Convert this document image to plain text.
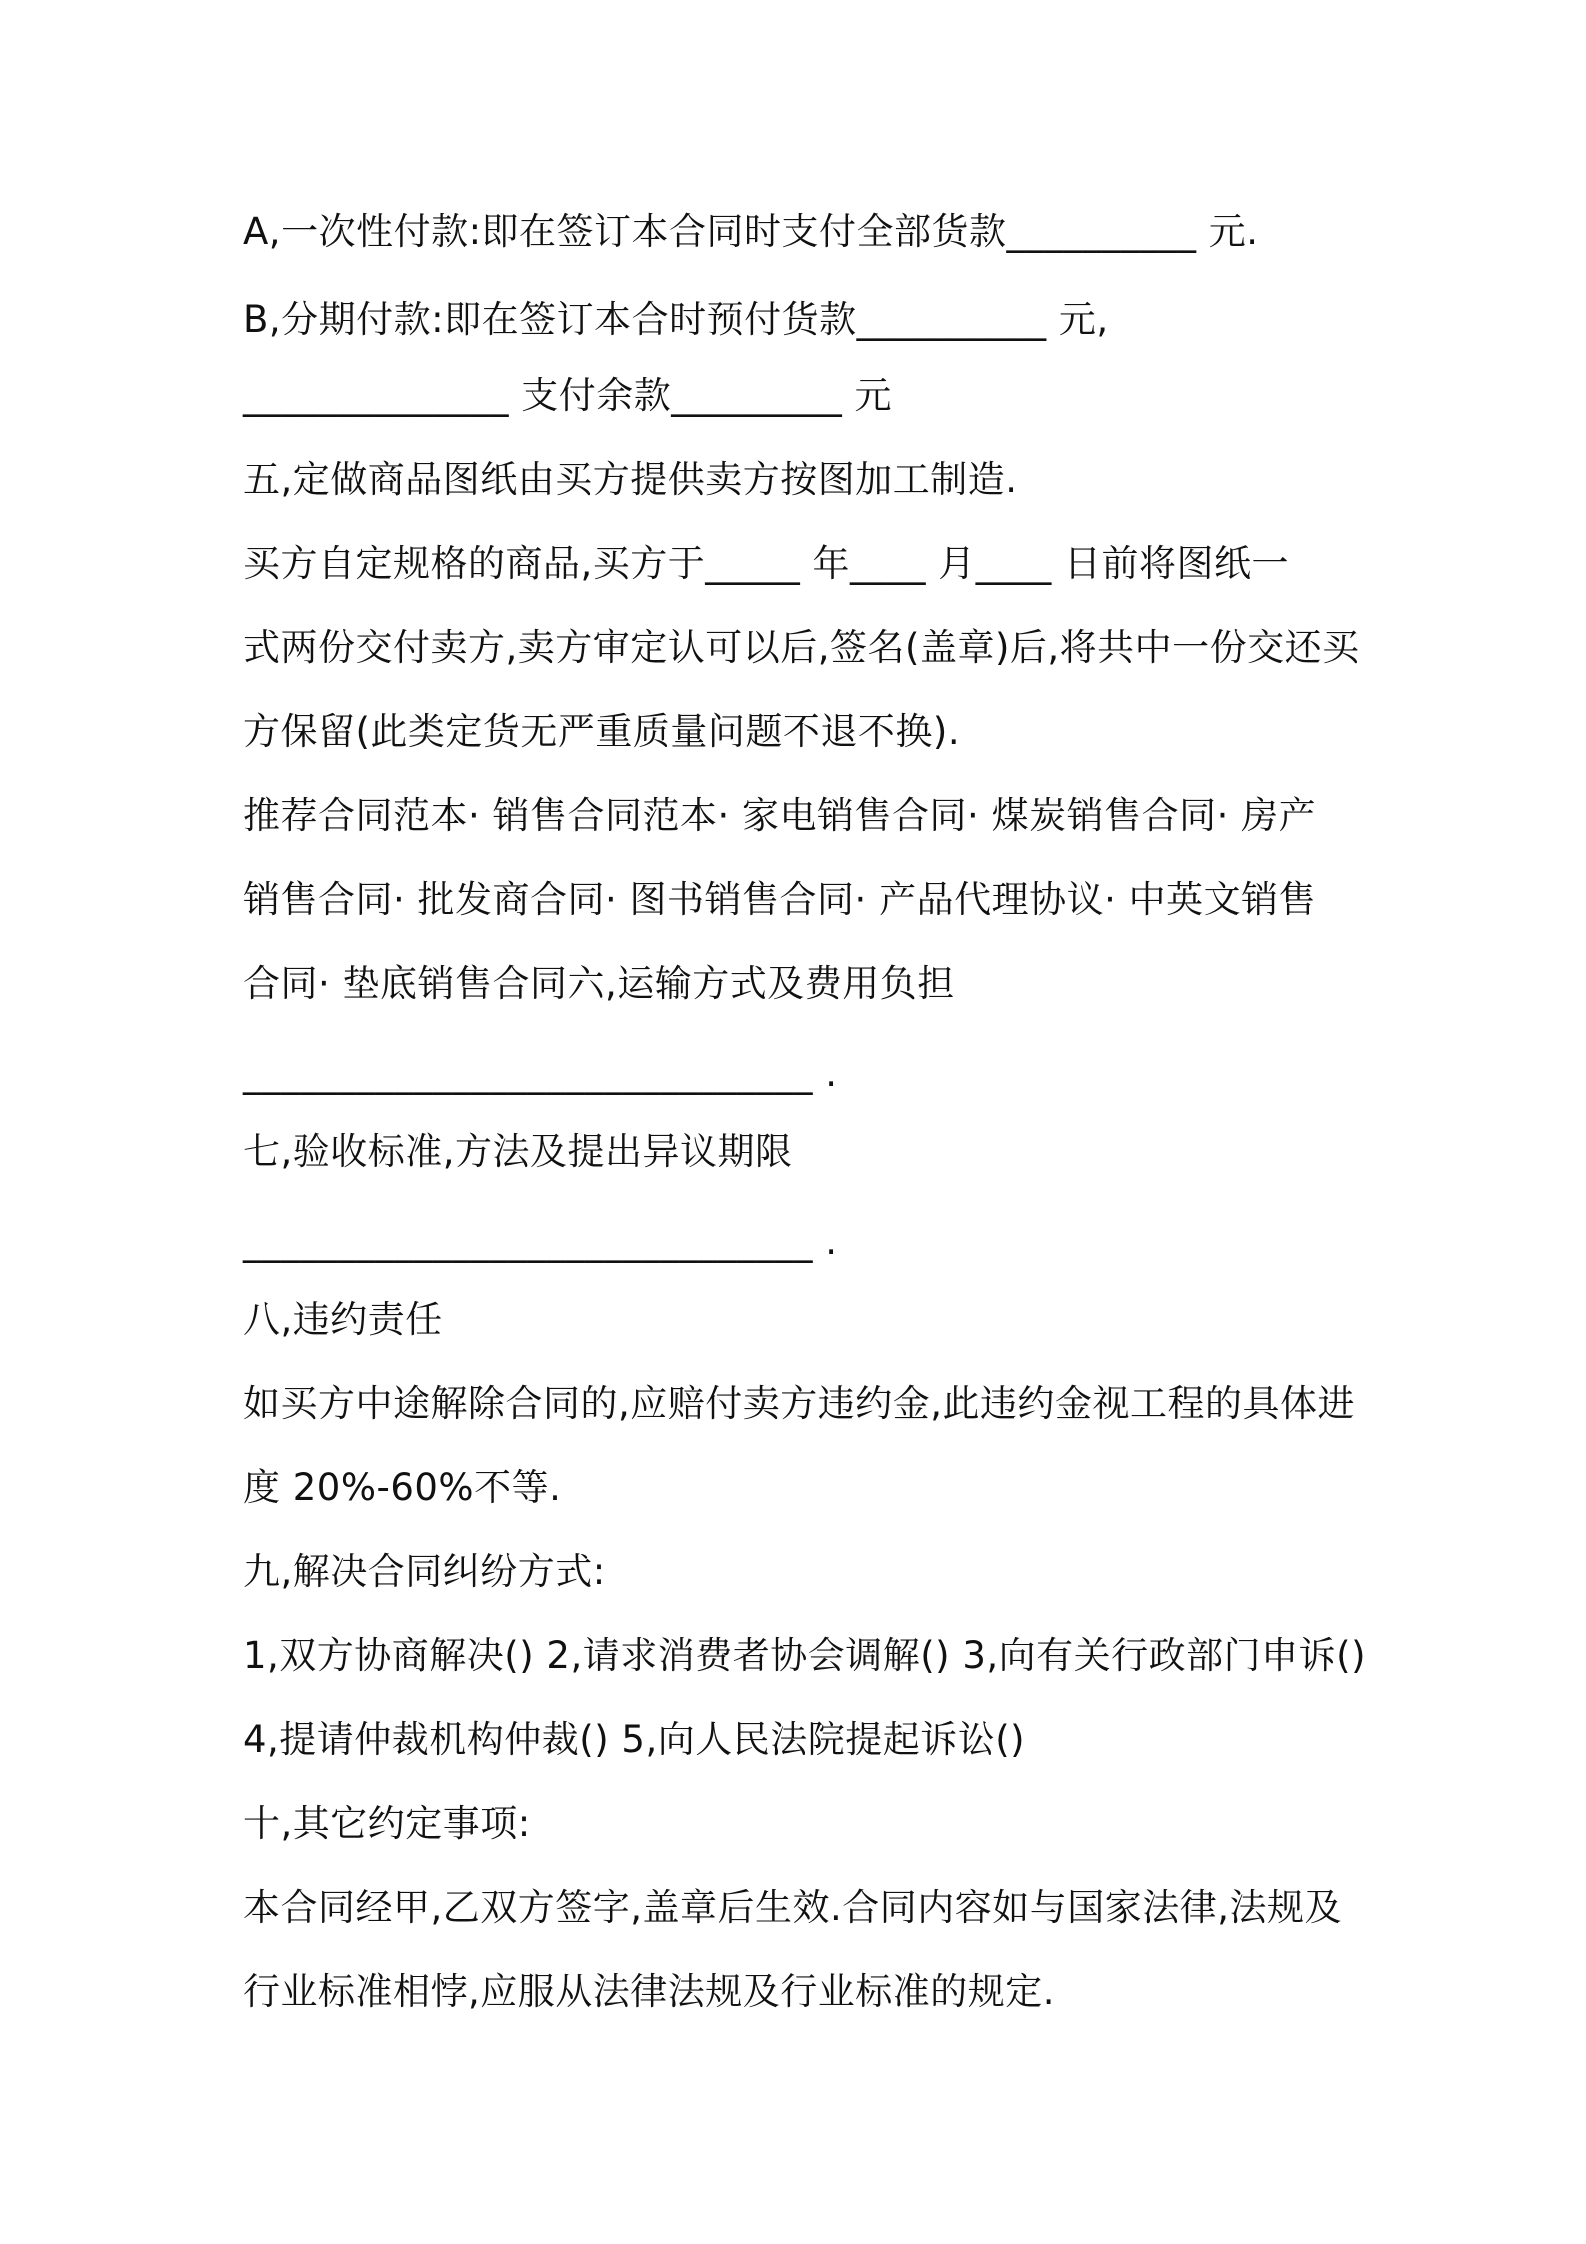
A,一次性付款:即在签订本合同时支付全部货款__________ 元.
B,分期付款:即在签订本合时预付货款__________ 元,
______________ 支付余款_________ 元
五,定做商品图纸由买方提供卖方按图加工制造.
买方自定规格的商品,买方于_____ 年____ 月____ 日前将图纸一
式两份交付卖方,卖方审定认可以后,签名(盖章)后,将共中一份交还买
方保留(此类定货无严重质量问题不退不换).
推荐合同范本· 销售合同范本· 家电销售合同· 煤炭销售合同· 房产
销售合同· 批发商合同· 图书销售合同· 产品代理协议· 中英文销售
合同· 垫底销售合同六,运输方式及费用负担
______________________________ .
七,验收标准,方法及提出异议期限
______________________________ .
八,违约责任
如买方中途解除合同的,应赔付卖方违约金,此违约金视工程的具体进
度 20%-60%不等.
九,解决合同纠纷方式:
1,双方协商解决() 2,请求消费者协会调解() 3,向有关行政部门申诉()
4,提请仲裁机构仲裁() 5,向人民法院提起诉讼()
十,其它约定事项:
本合同经甲,乙双方签字,盖章后生效.合同内容如与国家法律,法规及
行业标准相悖,应服从法律法规及行业标准的规定.
